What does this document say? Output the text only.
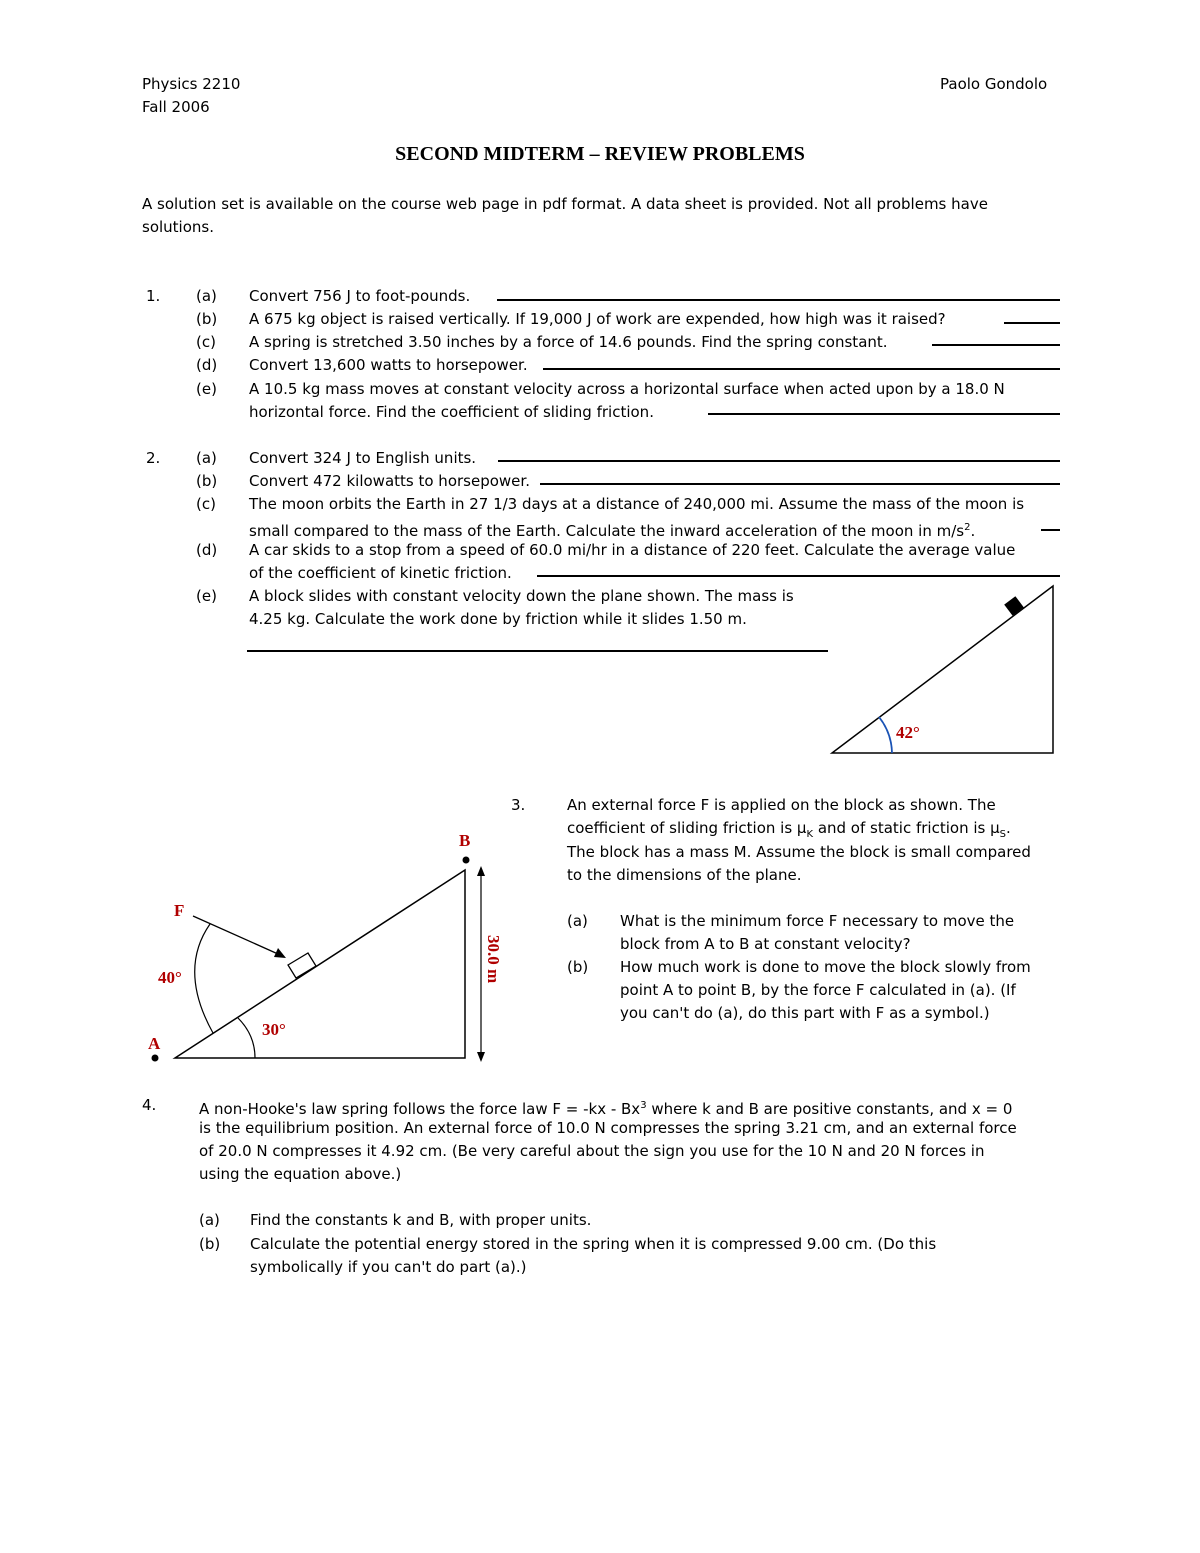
Physics 2210
Fall 2006
Paolo Gondolo
SECOND MIDTERM – REVIEW PROBLEMS
A solution set is available on the course web page in pdf format. A data sheet is provided. Not all problems have
solutions.
1. (a) Convert 756 J to foot-pounds.
(b) A 675 kg object is raised vertically. If 19,000 J of work are expended, how high was it raised?
(c) A spring is stretched 3.50 inches by a force of 14.6 pounds. Find the spring constant.
(d) Convert 13,600 watts to horsepower.
(e) A 10.5 kg mass moves at constant velocity across a horizontal surface when acted upon by a 18.0 N
horizontal force. Find the coefficient of sliding friction.
2. (a) Convert 324 J to English units.
(b) Convert 472 kilowatts to horsepower.
(c) The moon orbits the Earth in 27 1/3 days at a distance of 240,000 mi. Assume the mass of the moon is
small compared to the mass of the Earth. Calculate the inward acceleration of the moon in $m/s^2$.
(d) A car skids to a stop from a speed of 60.0 mi/hr in a distance of 220 feet. Calculate the average value
of the coefficient of kinetic friction.
(e) A block slides with constant velocity down the plane shown. The mass is
4.25 kg. Calculate the work done by friction while it slides 1.50 m.
42°
30.0 m
A
B
F
40°
30°
3.	An external force F is applied on the block as shown. The
coefficient of sliding friction is $\mu_K$ and of static friction is $\mu_S$.
The block has a mass M. Assume the block is small compared
to the dimensions of the plane.
(a) What is the minimum force F necessary to move the
block from A to B at constant velocity?
(b) How much work is done to move the block slowly from
point A to point B, by the force F calculated in (a). (If
you can't do (a), do this part with F as a symbol.)
4.	A non-Hooke's law spring follows the force law F = -kx - Bx$^3$ where k and B are positive constants, and x = 0
is the equilibrium position. An external force of 10.0 N compresses the spring 3.21 cm, and an external force
of 20.0 N compresses it 4.92 cm. (Be very careful about the sign you use for the 10 N and 20 N forces in
using the equation above.)
(a) Find the constants k and B, with proper units.
(b) Calculate the potential energy stored in the spring when it is compressed 9.00 cm. (Do this
symbolically if you can't do part (a).)
